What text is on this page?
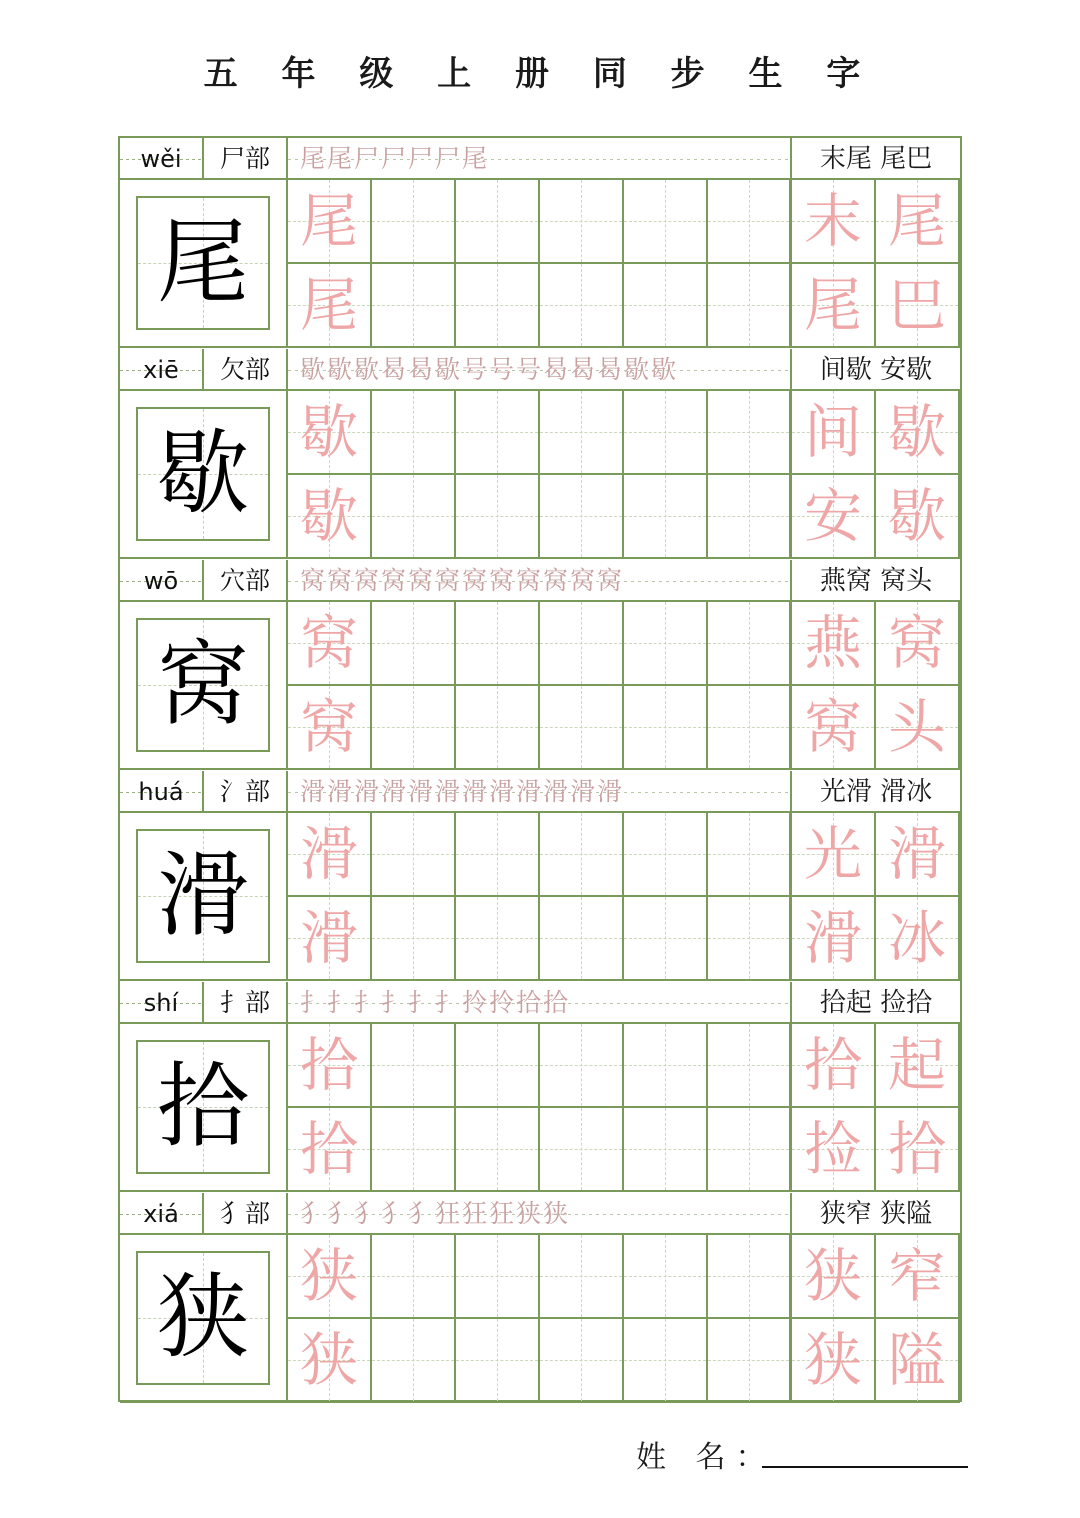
五 年 级 上 册 同 步 生 字
wěi	尸部	尾尾尸尸尸尸尾	末尾 尾巴
尾 尾	末 尾
尾	尾 巴
xiē	欠部	歇歇歇曷曷歇号号号曷曷曷歇歇	间歇 安歇
歇 歇	间 歇
歇	安 歇
wō	穴部	窝窝窝窝窝窝窝窝窝窝窝窝	燕窝 窝头
窝 窝	燕 窝
窝	窝 头
huá	氵部	滑滑滑滑滑滑滑滑滑滑滑滑	光滑 滑冰
滑 滑	光 滑
滑	滑 冰
shí	扌部	扌扌扌扌扌扌拎拎拾拾	拾起 捡拾
拾 拾	拾 起
拾	捡 拾
xiá	犭部	犭犭犭犭犭狂狂狂狭狭	狭窄 狭隘
狭 狭	狭 窄
狭	狭 隘
姓 名：
